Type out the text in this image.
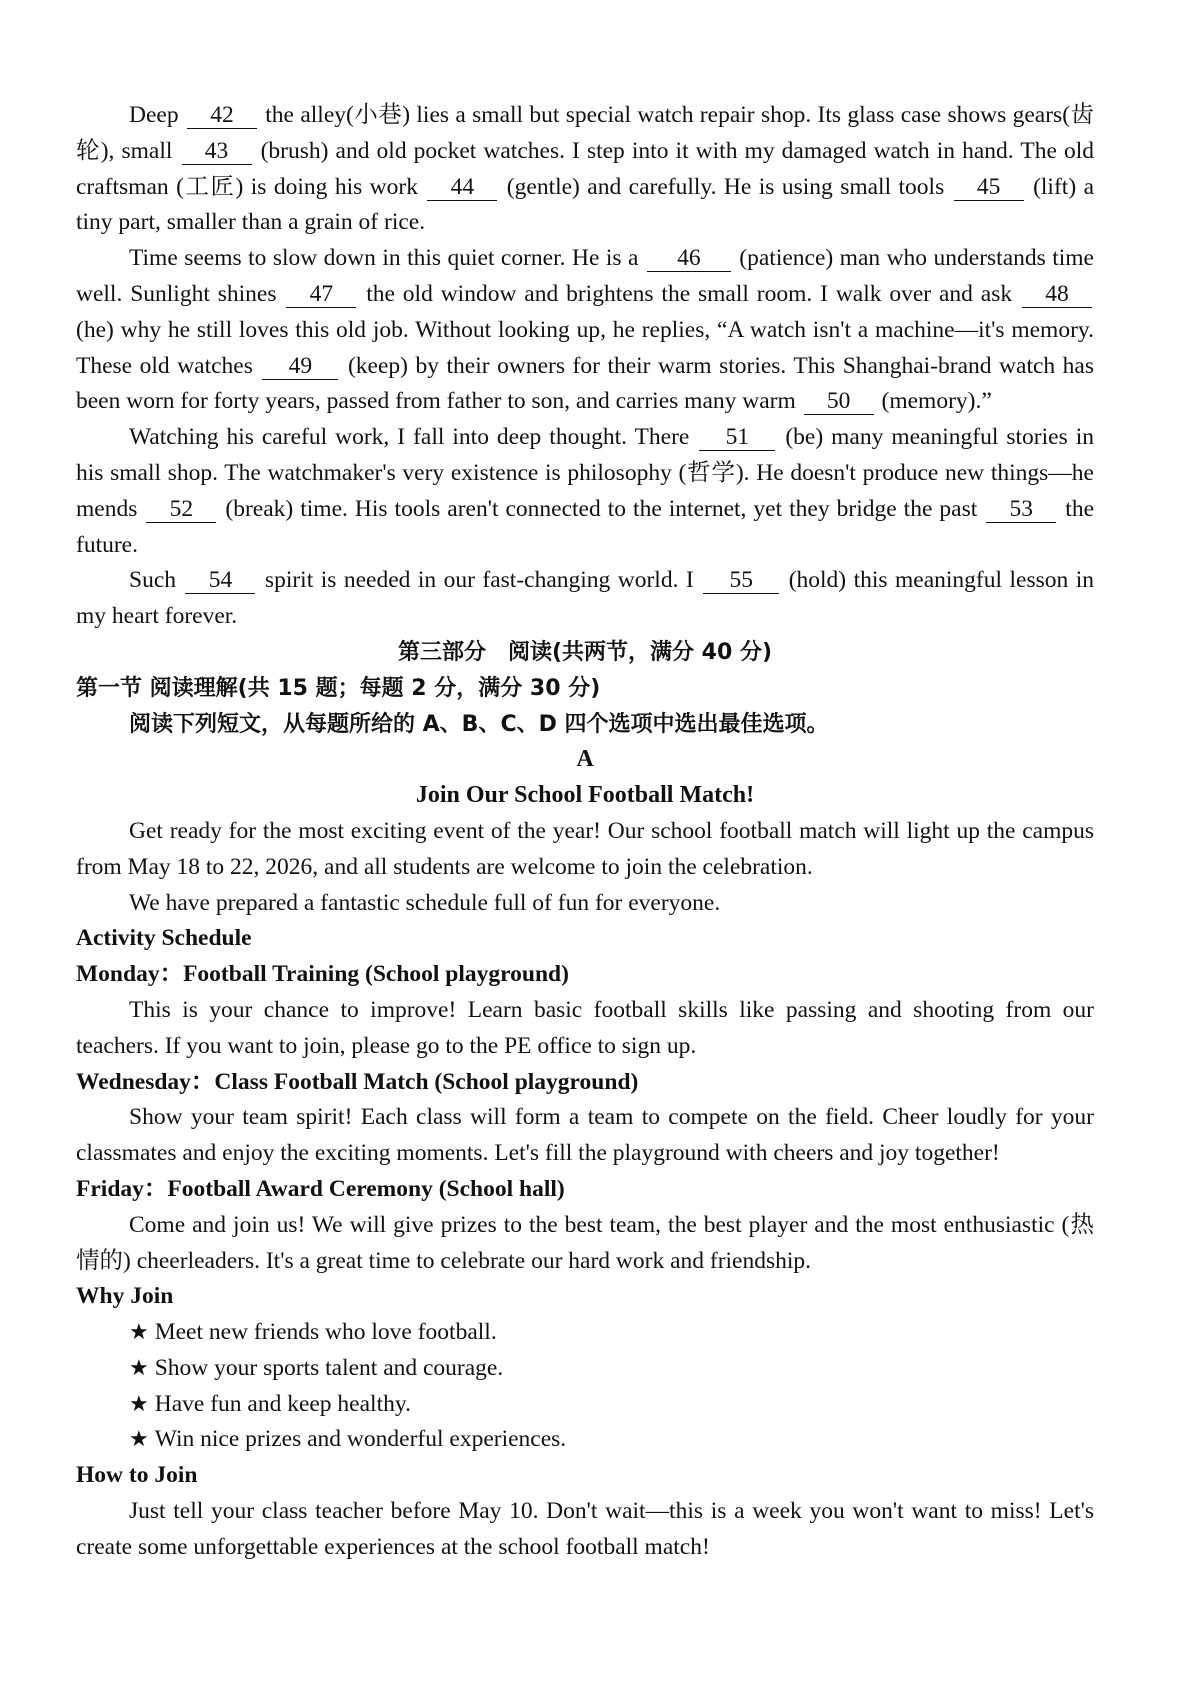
Deep 42 the alley(小巷) lies a small but special watch repair shop. Its glass case shows gears(齿轮), small 43 (brush) and old pocket watches. I step into it with my damaged watch in hand. The old craftsman (工匠) is doing his work 44 (gentle) and carefully. He is using small tools 45 (lift) a tiny part, smaller than a grain of rice.

Time seems to slow down in this quiet corner. He is a 46 (patience) man who understands time well. Sunlight shines 47 the old window and brightens the small room. I walk over and ask 48 (he) why he still loves this old job. Without looking up, he replies, “A watch isn't a machine—it's memory. These old watches 49 (keep) by their owners for their warm stories. This Shanghai-brand watch has been worn for forty years, passed from father to son, and carries many warm 50 (memory).”

Watching his careful work, I fall into deep thought. There 51 (be) many meaningful stories in his small shop. The watchmaker's very existence is philosophy (哲学). He doesn't produce new things—he mends 52 (break) time. His tools aren't connected to the internet, yet they bridge the past 53 the future.

Such 54 spirit is needed in our fast-changing world. I 55 (hold) this meaningful lesson in my heart forever.

第三部分　阅读(共两节，满分 40 分)

第一节 阅读理解(共 15 题；每题 2 分，满分 30 分)

阅读下列短文，从每题所给的 A、B、C、D 四个选项中选出最佳选项。

A

Join Our School Football Match!

Get ready for the most exciting event of the year! Our school football match will light up the campus from May 18 to 22, 2026, and all students are welcome to join the celebration.

We have prepared a fantastic schedule full of fun for everyone.

Activity Schedule

Monday：Football Training (School playground)

This is your chance to improve! Learn basic football skills like passing and shooting from our teachers. If you want to join, please go to the PE office to sign up.

Wednesday：Class Football Match (School playground)

Show your team spirit! Each class will form a team to compete on the field. Cheer loudly for your classmates and enjoy the exciting moments. Let's fill the playground with cheers and joy together!

Friday：Football Award Ceremony (School hall)

Come and join us! We will give prizes to the best team, the best player and the most enthusiastic (热情的) cheerleaders. It's a great time to celebrate our hard work and friendship.

Why Join

★ Meet new friends who love football.

★ Show your sports talent and courage.

★ Have fun and keep healthy.

★ Win nice prizes and wonderful experiences.

How to Join

Just tell your class teacher before May 10. Don't wait—this is a week you won't want to miss! Let's create some unforgettable experiences at the school football match!
